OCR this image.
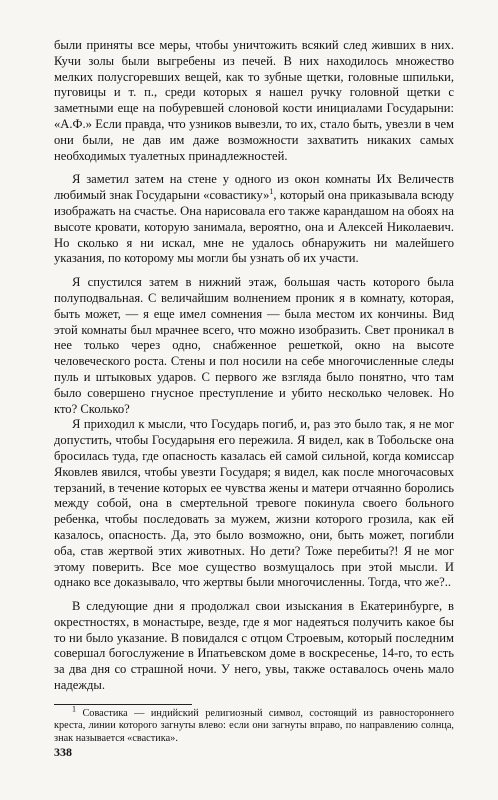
были приняты все меры, чтобы уничтожить всякий след живших в них. Кучи золы были выгребены из печей. В них находилось множество мелких полусгоревших вещей, как то зубные щетки, головные шпильки, пуговицы и т. п., среди которых я нашел ручку головной щетки с заметными еще на побуревшей слоновой кости инициалами Государыни: «А.Ф.» Если правда, что узников вывезли, то их, стало быть, увезли в чем они были, не дав им даже возможности захватить никаких самых необходимых туалетных принадлежностей.

Я заметил затем на стене у одного из окон комнаты Их Величеств любимый знак Государыни «совастику»$^1$, который она приказывала всюду изображать на счастье. Она нарисовала его также карандашом на обоях на высоте кровати, которую занимала, вероятно, она и Алексей Николаевич. Но сколько я ни искал, мне не удалось обнаружить ни малейшего указания, по которому мы могли бы узнать об их участи.

Я спустился затем в нижний этаж, большая часть которого была полуподвальная. С величайшим волнением проник я в комнату, которая, быть может, — я еще имел сомнения — была местом их кончины. Вид этой комнаты был мрачнее всего, что можно изобразить. Свет проникал в нее только через одно, снабженное решеткой, окно на высоте человеческого роста. Стены и пол носили на себе многочисленные следы пуль и штыковых ударов. С первого же взгляда было понятно, что там было совершено гнусное преступление и убито несколько человек. Но кто? Сколько?

Я приходил к мысли, что Государь погиб, и, раз это было так, я не мог допустить, чтобы Государыня его пережила. Я видел, как в Тобольске она бросилась туда, где опасность казалась ей самой сильной, когда комиссар Яковлев явился, чтобы увезти Государя; я видел, как после многочасовых терзаний, в течение которых ее чувства жены и матери отчаянно боролись между собой, она в смертельной тревоге покинула своего больного ребенка, чтобы последовать за мужем, жизни которого грозила, как ей казалось, опасность. Да, это было возможно, они, быть может, погибли оба, став жертвой этих животных. Но дети? Тоже перебиты?! Я не мог этому поверить. Все мое существо возмущалось при этой мысли. И однако все доказывало, что жертвы были многочисленны. Тогда, что же?..

В следующие дни я продолжал свои изыскания в Екатеринбурге, в окрестностях, в монастыре, везде, где я мог надеяться получить какое бы то ни было указание. В повидался с отцом Строевым, который последним совершал богослужение в Ипатьевском доме в воскресенье, 14-го, то есть за два дня со страшной ночи. У него, увы, также оставалось очень мало надежды.

$^1$ Совастика — индийский религиозный символ, состоящий из равностороннего креста, линии которого загнуты влево: если они загнуты вправо, по направлению солнца, знак называется «свастика».

338
